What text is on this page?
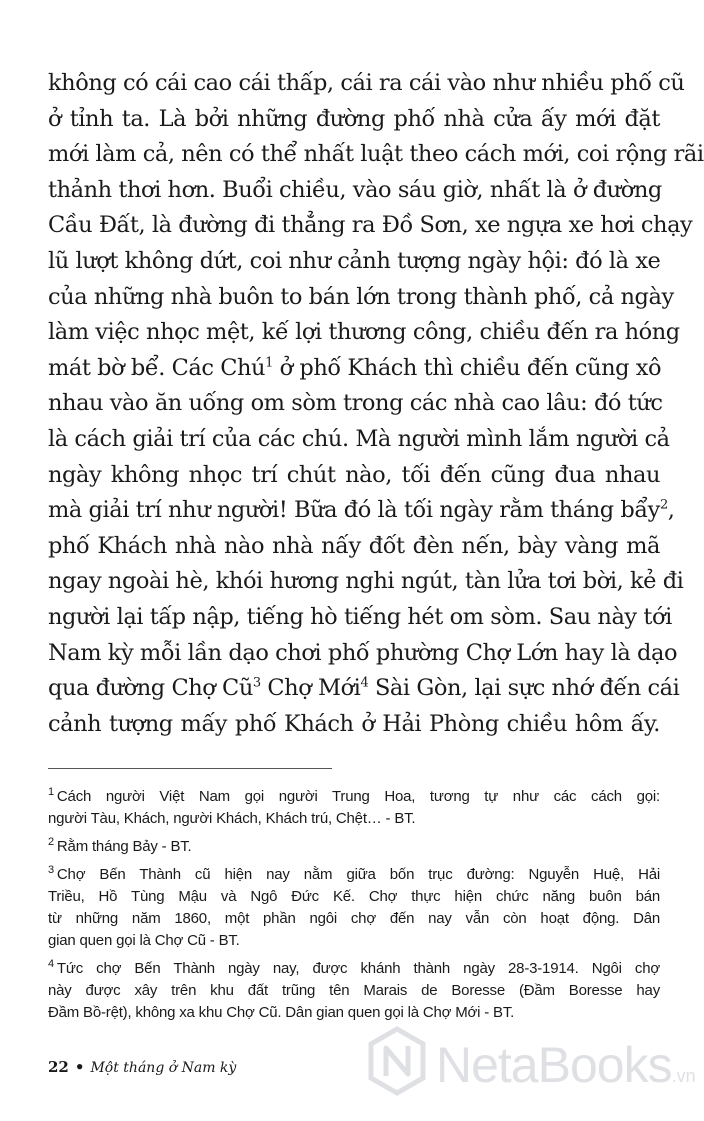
không có cái cao cái thấp, cái ra cái vào như nhiều phố cũ
ở tỉnh ta. Là bởi những đường phố nhà cửa ấy mới đặt
mới làm cả, nên có thể nhất luật theo cách mới, coi rộng rãi
thảnh thơi hơn. Buổi chiều, vào sáu giờ, nhất là ở đường
Cầu Đất, là đường đi thẳng ra Đồ Sơn, xe ngựa xe hơi chạy
lũ lượt không dứt, coi như cảnh tượng ngày hội: đó là xe
của những nhà buôn to bán lớn trong thành phố, cả ngày
làm việc nhọc mệt, kế lợi thương công, chiều đến ra hóng
mát bờ bể. Các Chú$^1$ ở phố Khách thì chiều đến cũng xô
nhau vào ăn uống om sòm trong các nhà cao lâu: đó tức
là cách giải trí của các chú. Mà người mình lắm người cả
ngày không nhọc trí chút nào, tối đến cũng đua nhau
mà giải trí như người! Bữa đó là tối ngày rằm tháng bẩy$^2$,
phố Khách nhà nào nhà nấy đốt đèn nến, bày vàng mã
ngay ngoài hè, khói hương nghi ngút, tàn lửa tơi bời, kẻ đi
người lại tấp nập, tiếng hò tiếng hét om sòm. Sau này tới
Nam kỳ mỗi lần dạo chơi phố phường Chợ Lớn hay là dạo
qua đường Chợ Cũ$^3$ Chợ Mới$^4$ Sài Gòn, lại sực nhớ đến cái
cảnh tượng mấy phố Khách ở Hải Phòng chiều hôm ấy.
$^1$ Cách người Việt Nam gọi người Trung Hoa, tương tự như các cách gọi:
người Tàu, Khách, người Khách, Khách trú, Chệt… - BT.
$^2$ Rằm tháng Bảy - BT.
$^3$ Chợ Bến Thành cũ hiện nay nằm giữa bốn trục đường: Nguyễn Huệ, Hải
Triều, Hồ Tùng Mậu và Ngô Đức Kế. Chợ thực hiện chức năng buôn bán
từ những năm 1860, một phần ngôi chợ đến nay vẫn còn hoạt động. Dân
gian quen gọi là Chợ Cũ - BT.
$^4$ Tức chợ Bến Thành ngày nay, được khánh thành ngày 28-3-1914. Ngôi chợ
này được xây trên khu đất trũng tên Marais de Boresse (Đầm Boresse hay
Đầm Bồ-rệt), không xa khu Chợ Cũ. Dân gian quen gọi là Chợ Mới - BT.
22 • Một tháng ở Nam kỳ	NetaBooks.vn
